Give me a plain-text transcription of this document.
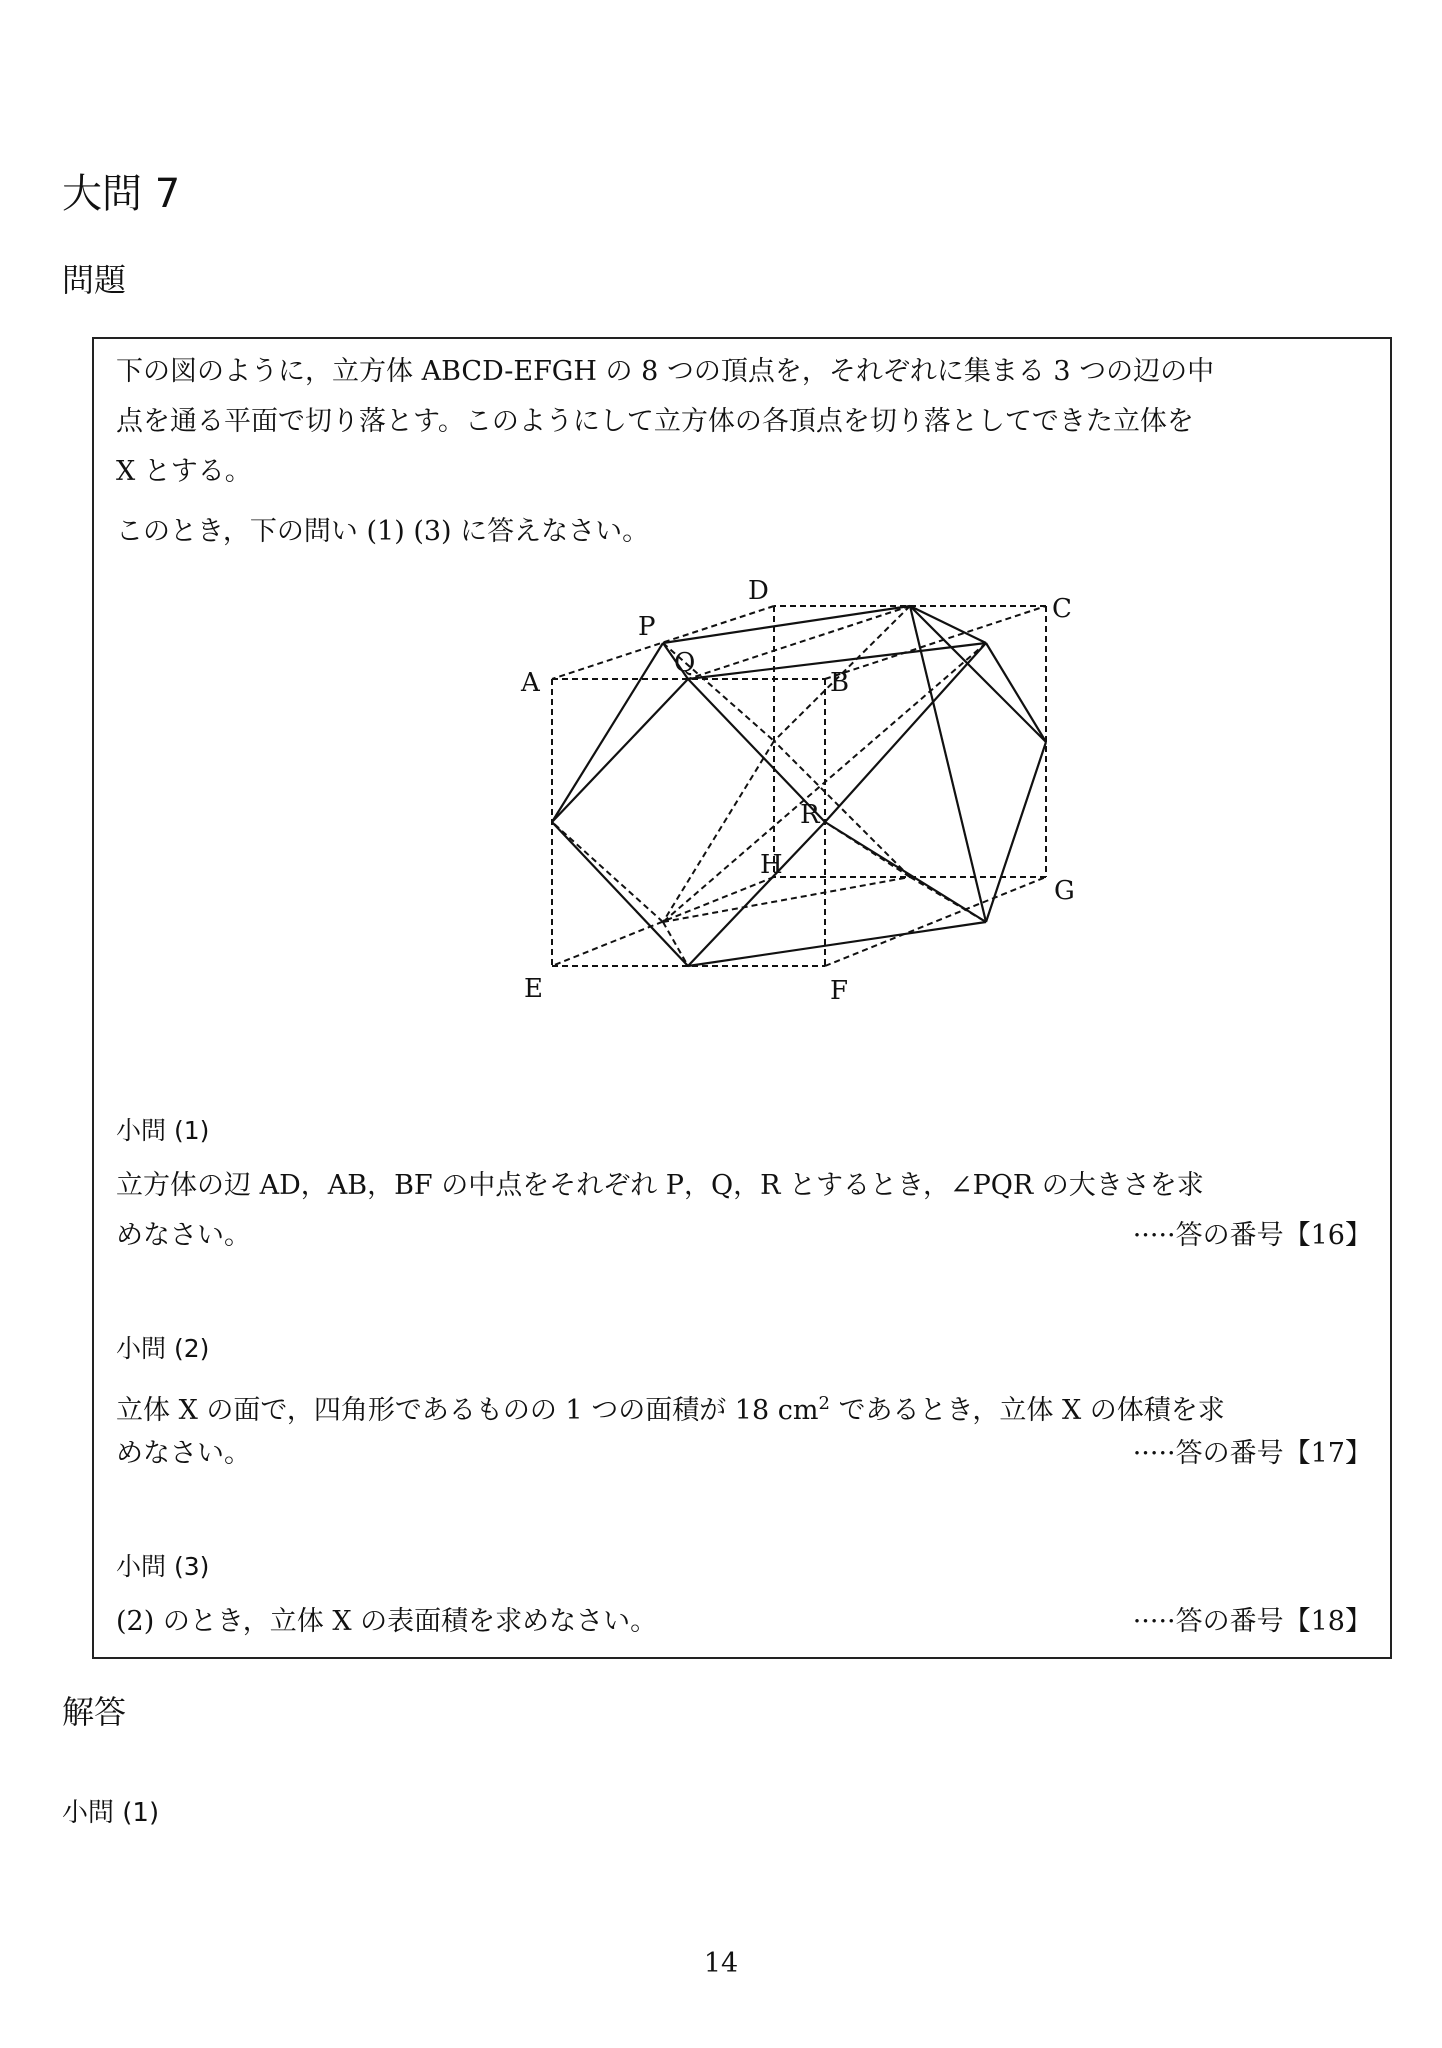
大問 7
問題
下の図のように，立方体 ABCD-EFGH の 8 つの頂点を，それぞれに集まる 3 つの辺の中
点を通る平面で切り落とす。このようにして立方体の各頂点を切り落としてできた立体を
X とする。
このとき，下の問い (1) (3) に答えなさい。
A	B
C
D
E	F
G
H
P
Q
R
小問 (1)
立方体の辺 AD，AB，BF の中点をそれぞれ P，Q，R とするとき，∠PQR の大きさを求
めなさい。	·····答の番号【16】
小問 (2)
立体 X の面で，四角形であるものの 1 つの面積が 18 $cm^2$ であるとき，立体 X の体積を求
めなさい。	·····答の番号【17】
小問 (3)
(2) のとき，立体 X の表面積を求めなさい。	·····答の番号【18】
解答
小問 (1)
14
